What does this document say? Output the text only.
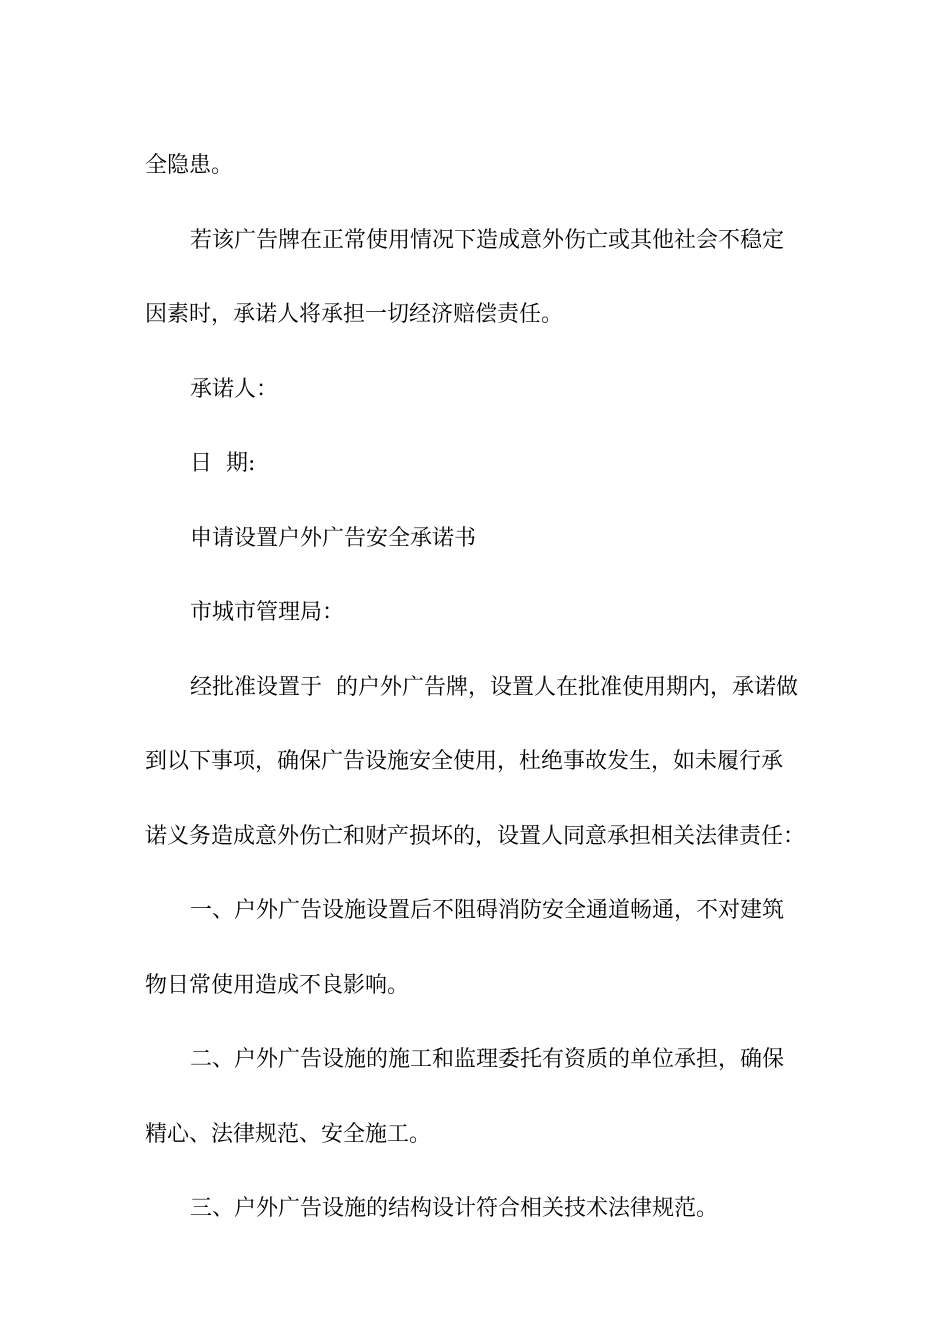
全隐患。

若该广告牌在正常使用情况下造成意外伤亡或其他社会不稳定

因素时，承诺人将承担一切经济赔偿责任。

承诺人：

日  期:

申请设置户外广告安全承诺书

市城市管理局：

经批准设置于  的户外广告牌，设置人在批准使用期内，承诺做

到以下事项，确保广告设施安全使用，杜绝事故发生，如未履行承

诺义务造成意外伤亡和财产损坏的，设置人同意承担相关法律责任：

一、户外广告设施设置后不阻碍消防安全通道畅通，不对建筑

物日常使用造成不良影响。

二、户外广告设施的施工和监理委托有资质的单位承担，确保

精心、法律规范、安全施工。

三、户外广告设施的结构设计符合相关技术法律规范。
